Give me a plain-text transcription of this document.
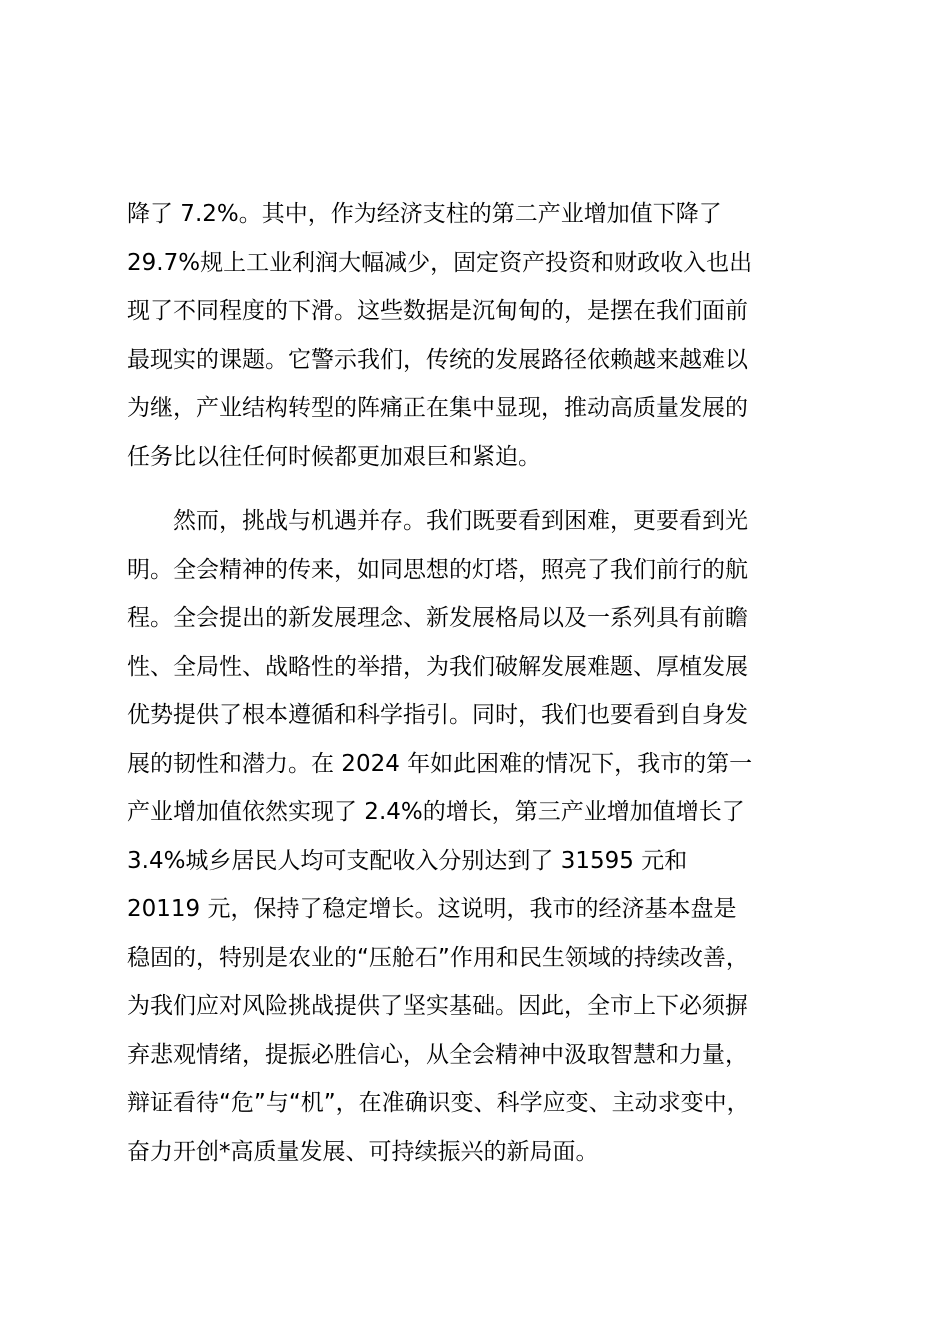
降了 7.2%。其中，作为经济支柱的第二产业增加值下降了
29.7%规上工业利润大幅减少，固定资产投资和财政收入也出
现了不同程度的下滑。这些数据是沉甸甸的，是摆在我们面前
最现实的课题。它警示我们，传统的发展路径依赖越来越难以
为继，产业结构转型的阵痛正在集中显现，推动高质量发展的
任务比以往任何时候都更加艰巨和紧迫。
　　然而，挑战与机遇并存。我们既要看到困难，更要看到光
明。全会精神的传来，如同思想的灯塔，照亮了我们前行的航
程。全会提出的新发展理念、新发展格局以及一系列具有前瞻
性、全局性、战略性的举措，为我们破解发展难题、厚植发展
优势提供了根本遵循和科学指引。同时，我们也要看到自身发
展的韧性和潜力。在 2024 年如此困难的情况下，我市的第一
产业增加值依然实现了 2.4%的增长，第三产业增加值增长了
3.4%城乡居民人均可支配收入分别达到了 31595 元和
20119 元，保持了稳定增长。这说明，我市的经济基本盘是
稳固的，特别是农业的“压舱石”作用和民生领域的持续改善，
为我们应对风险挑战提供了坚实基础。因此，全市上下必须摒
弃悲观情绪，提振必胜信心，从全会精神中汲取智慧和力量，
辩证看待“危”与“机”，在准确识变、科学应变、主动求变中，
奋力开创*高质量发展、可持续振兴的新局面。
